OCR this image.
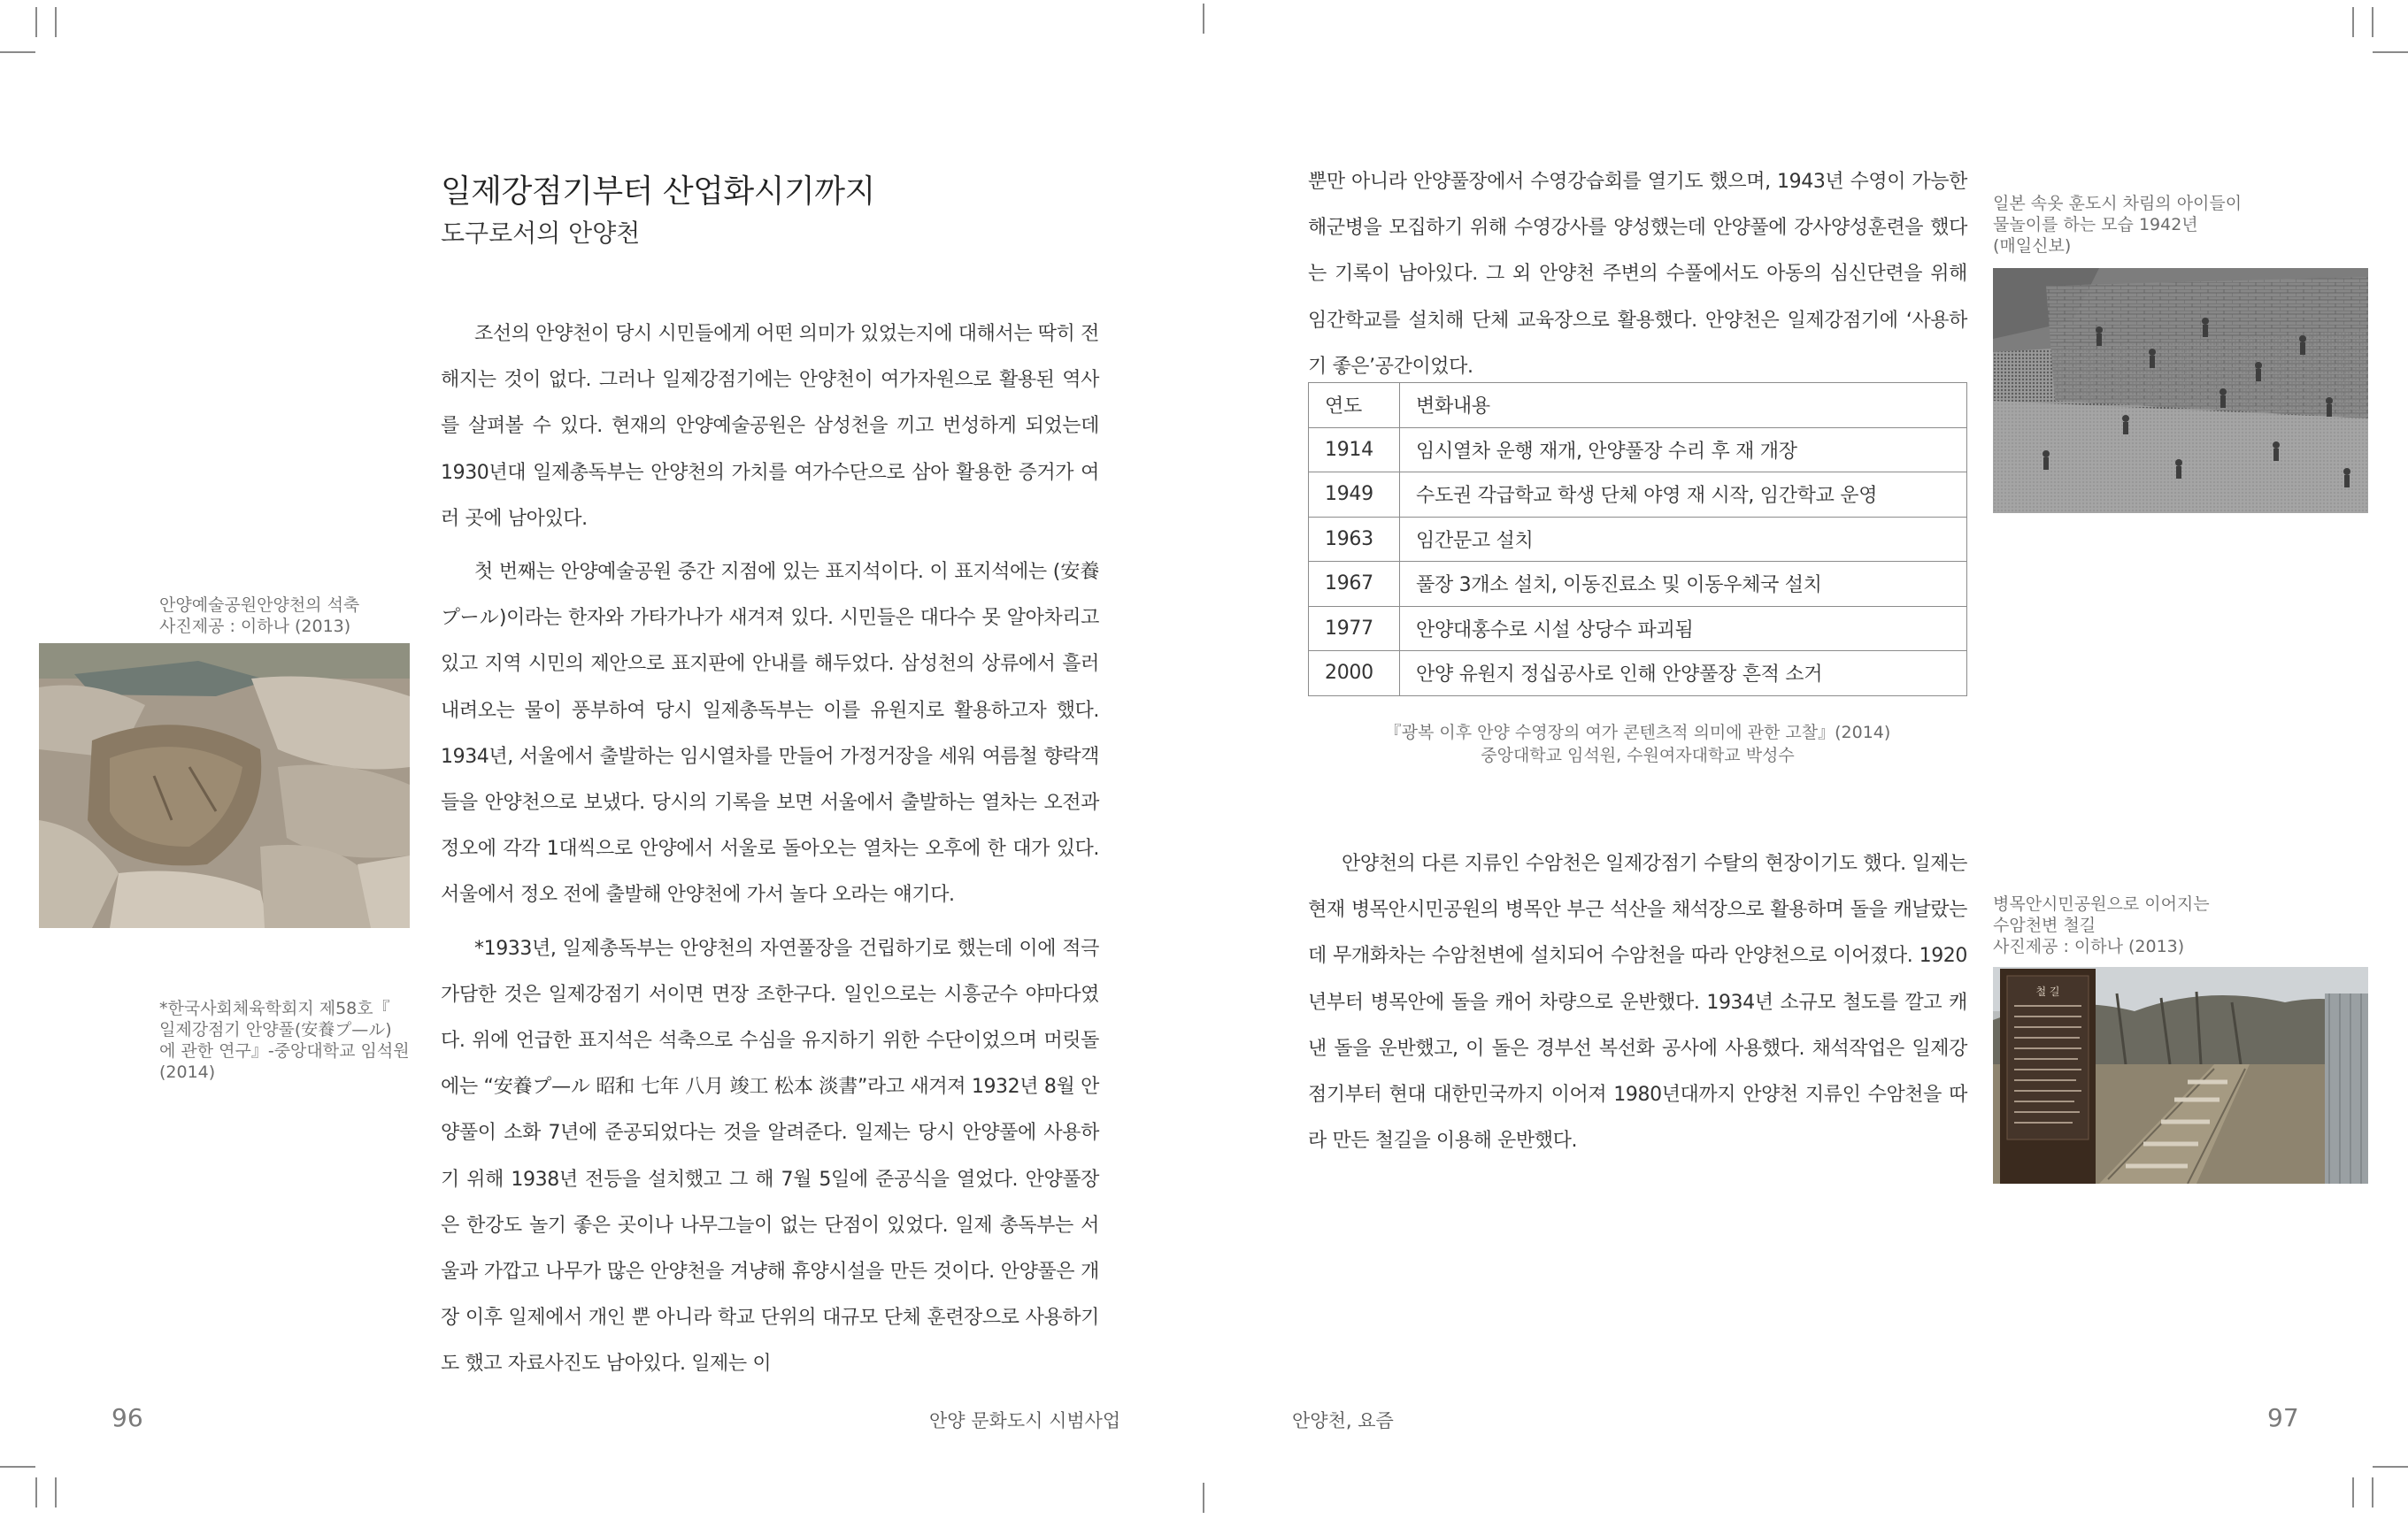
일제강점기부터 산업화시기까지
도구로서의 안양천

조선의 안양천이 당시 시민들에게 어떤 의미가 있었는지에 대해서는 딱히 전해지는 것이 없다. 그러나 일제강점기에는 안양천이 여가자원으로 활용된 역사를 살펴볼 수 있다. 현재의 안양예술공원은 삼성천을 끼고 번성하게 되었는데 1930년대 일제총독부는 안양천의 가치를 여가수단으로 삼아 활용한 증거가 여러 곳에 남아있다.

첫 번째는 안양예술공원 중간 지점에 있는 표지석이다. 이 표지석에는 (安養 プール)이라는 한자와 가타가나가 새겨져 있다. 시민들은 대다수 못 알아차리고 있고 지역 시민의 제안으로 표지판에 안내를 해두었다. 삼성천의 상류에서 흘러내려오는 물이 풍부하여 당시 일제총독부는 이를 유원지로 활용하고자 했다. 1934년, 서울에서 출발하는 임시열차를 만들어 가정거장을 세워 여름철 향락객들을 안양천으로 보냈다. 당시의 기록을 보면 서울에서 출발하는 열차는 오전과 정오에 각각 1대씩으로 안양에서 서울로 돌아오는 열차는 오후에 한 대가 있다. 서울에서 정오 전에 출발해 안양천에 가서 놀다 오라는 얘기다.

*1933년, 일제총독부는 안양천의 자연풀장을 건립하기로 했는데 이에 적극 가담한 것은 일제강점기 서이면 면장 조한구다. 일인으로는 시흥군수 야마다였다. 위에 언급한 표지석은 석축으로 수심을 유지하기 위한 수단이었으며 머릿돌에는 “安養プ—ル 昭和 七年 八月 竣工 松本 淡書”라고 새겨져 1932년 8월 안양풀이 소화 7년에 준공되었다는 것을 알려준다. 일제는 당시 안양풀에 사용하기 위해 1938년 전등을 설치했고 그 해 7월 5일에 준공식을 열었다. 안양풀장은 한강도 놀기 좋은 곳이나 나무그늘이 없는 단점이 있었다. 일제 총독부는 서울과 가깝고 나무가 많은 안양천을 겨냥해 휴양시설을 만든 것이다. 안양풀은 개장 이후 일제에서 개인 뿐 아니라 학교 단위의 대규모 단체 훈련장으로 사용하기도 했고 자료사진도 남아있다. 일제는 이

안양예술공원안양천의 석축

사진제공 : 이하나 (2013)

*한국사회체육학회지 제58호『

일제강점기 안양풀(安養プ—ル)

에 관한 연구』-중앙대학교 임석원

(2014)

96	안양 문화도시 시범사업

뿐만 아니라 안양풀장에서 수영강습회를 열기도 했으며, 1943년 수영이 가능한 해군병을 모집하기 위해 수영강사를 양성했는데 안양풀에 강사양성훈련을 했다는 기록이 남아있다. 그 외 안양천 주변의 수풀에서도 아동의 심신단련을 위해 임간학교를 설치해 단체 교육장으로 활용했다. 안양천은 일제강점기에 ‘사용하기 좋은’공간이었다.

연도	변화내용
1914	임시열차 운행 재개, 안양풀장 수리 후 재 개장
1949	수도권 각급학교 학생 단체 야영 재 시작, 임간학교 운영
1963	임간문고 설치
1967	풀장 3개소 설치, 이동진료소 및 이동우체국 설치
1977	안양대홍수로 시설 상당수 파괴됨
2000	안양 유원지 정십공사로 인해 안양풀장 흔적 소거

『광복 이후 안양 수영장의 여가 콘텐츠적 의미에 관한 고찰』(2014)

중앙대학교 임석원, 수원여자대학교 박성수

안양천의 다른 지류인 수암천은 일제강점기 수탈의 현장이기도 했다. 일제는 현재 병목안시민공원의 병목안 부근 석산을 채석장으로 활용하며 돌을 캐날랐는데 무개화차는 수암천변에 설치되어 수암천을 따라 안양천으로 이어졌다. 1920년부터 병목안에 돌을 캐어 차량으로 운반했다. 1934년 소규모 철도를 깔고 캐낸 돌을 운반했고, 이 돌은 경부선 복선화 공사에 사용했다. 채석작업은 일제강점기부터 현대 대한민국까지 이어져 1980년대까지 안양천 지류인 수암천을 따라 만든 철길을 이용해 운반했다.

일본 속옷 훈도시 차림의 아이들이

물놀이를 하는 모습 1942년

(매일신보)

병목안시민공원으로 이어지는

수암천변 철길

사진제공 : 이하나 (2013)

철 길
안양천, 요즘	97
